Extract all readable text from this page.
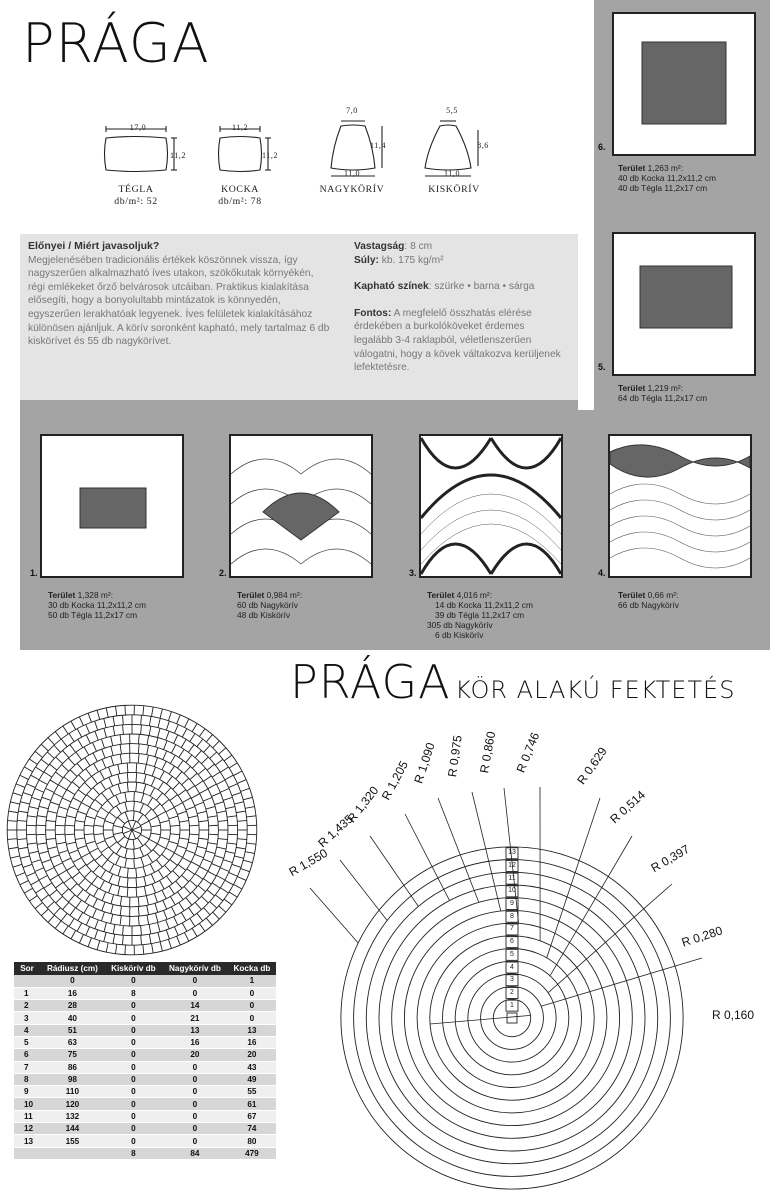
PRÁGA
17,0
11,2
11,2
11,2
7,0
11,0
11,4
5,5
11,0
8,6
TÉGLA
db/m²: 52
KOCKA
db/m²: 78
NAGYKÖRÍV	KISKÖRÍV
Előnyei / Miért javasoljuk?
Megjelenésében tradicionális értékek köszönnek vissza, így nagyszerűen alkalmazható íves utakon, szökőkutak környékén, régi emlékeket őrző belvárosok utcáiban. Praktikus kialakítása elősegíti, hogy a bonyolultabb mintázatok is könnyedén, egyszerűen lerakhatóak legyenek. Íves felületek kialakításához különösen ajánljuk. A körív soronként kapható, mely tartalmaz 6 db kiskörívet és 55 db nagykörívet.
Vastagság: 8 cm
Súly: kb. 175 kg/m²
Kapható színek: szürke • barna • sárga
Fontos: A megfelelő összhatás elérése érdekében a burkolóköveket érdemes legalább 3-4 raklapból, véletlenszerűen válogatni, hogy a kövek váltakozva kerüljenek lefektetésre.
6.
Terület 1,263 m²:
40 db Kocka 11,2x11,2 cm
40 db Tégla 11,2x17 cm
5.
Terület 1,219 m²:
64 db Tégla 11,2x17 cm
1.
Terület 1,328 m²:
30 db Kocka 11,2x11,2 cm
50 db Tégla 11,2x17 cm
2.
Terület 0,984 m²:
60 db Nagykörív
48 db Kiskörív
3.
Terület 4,016 m²:
14 db Kocka 11,2x11,2 cm
39 db Tégla 11,2x17 cm
305 db Nagykörív
6 db Kiskörív
4.
Terület 0,66 m²:
66 db Nagykörív
PRÁGA KÖR ALAKÚ FEKTETÉS
R 0,160
R 0,280
R 0,397
R 0,514
R 0,629
R 0,746
R 0,860
R 0,975
R 1,090
R 1,205
R 1,320
R 1,435
R 1,550
1
2
3
4
5
6
7
8
9
10
11
12
13
Sor	Rádiusz (cm)	Kiskörív db	Nagykörív db	Kocka db
	0	0	0	1
1	16	8	0	0
2	28	0	14	0
3	40	0	21	0
4	51	0	13	13
5	63	0	16	16
6	75	0	20	20
7	86	0	0	43
8	98	0	0	49
9	110	0	0	55
10	120	0	0	61
11	132	0	0	67
12	144	0	0	74
13	155	0	0	80
		8	84	479
